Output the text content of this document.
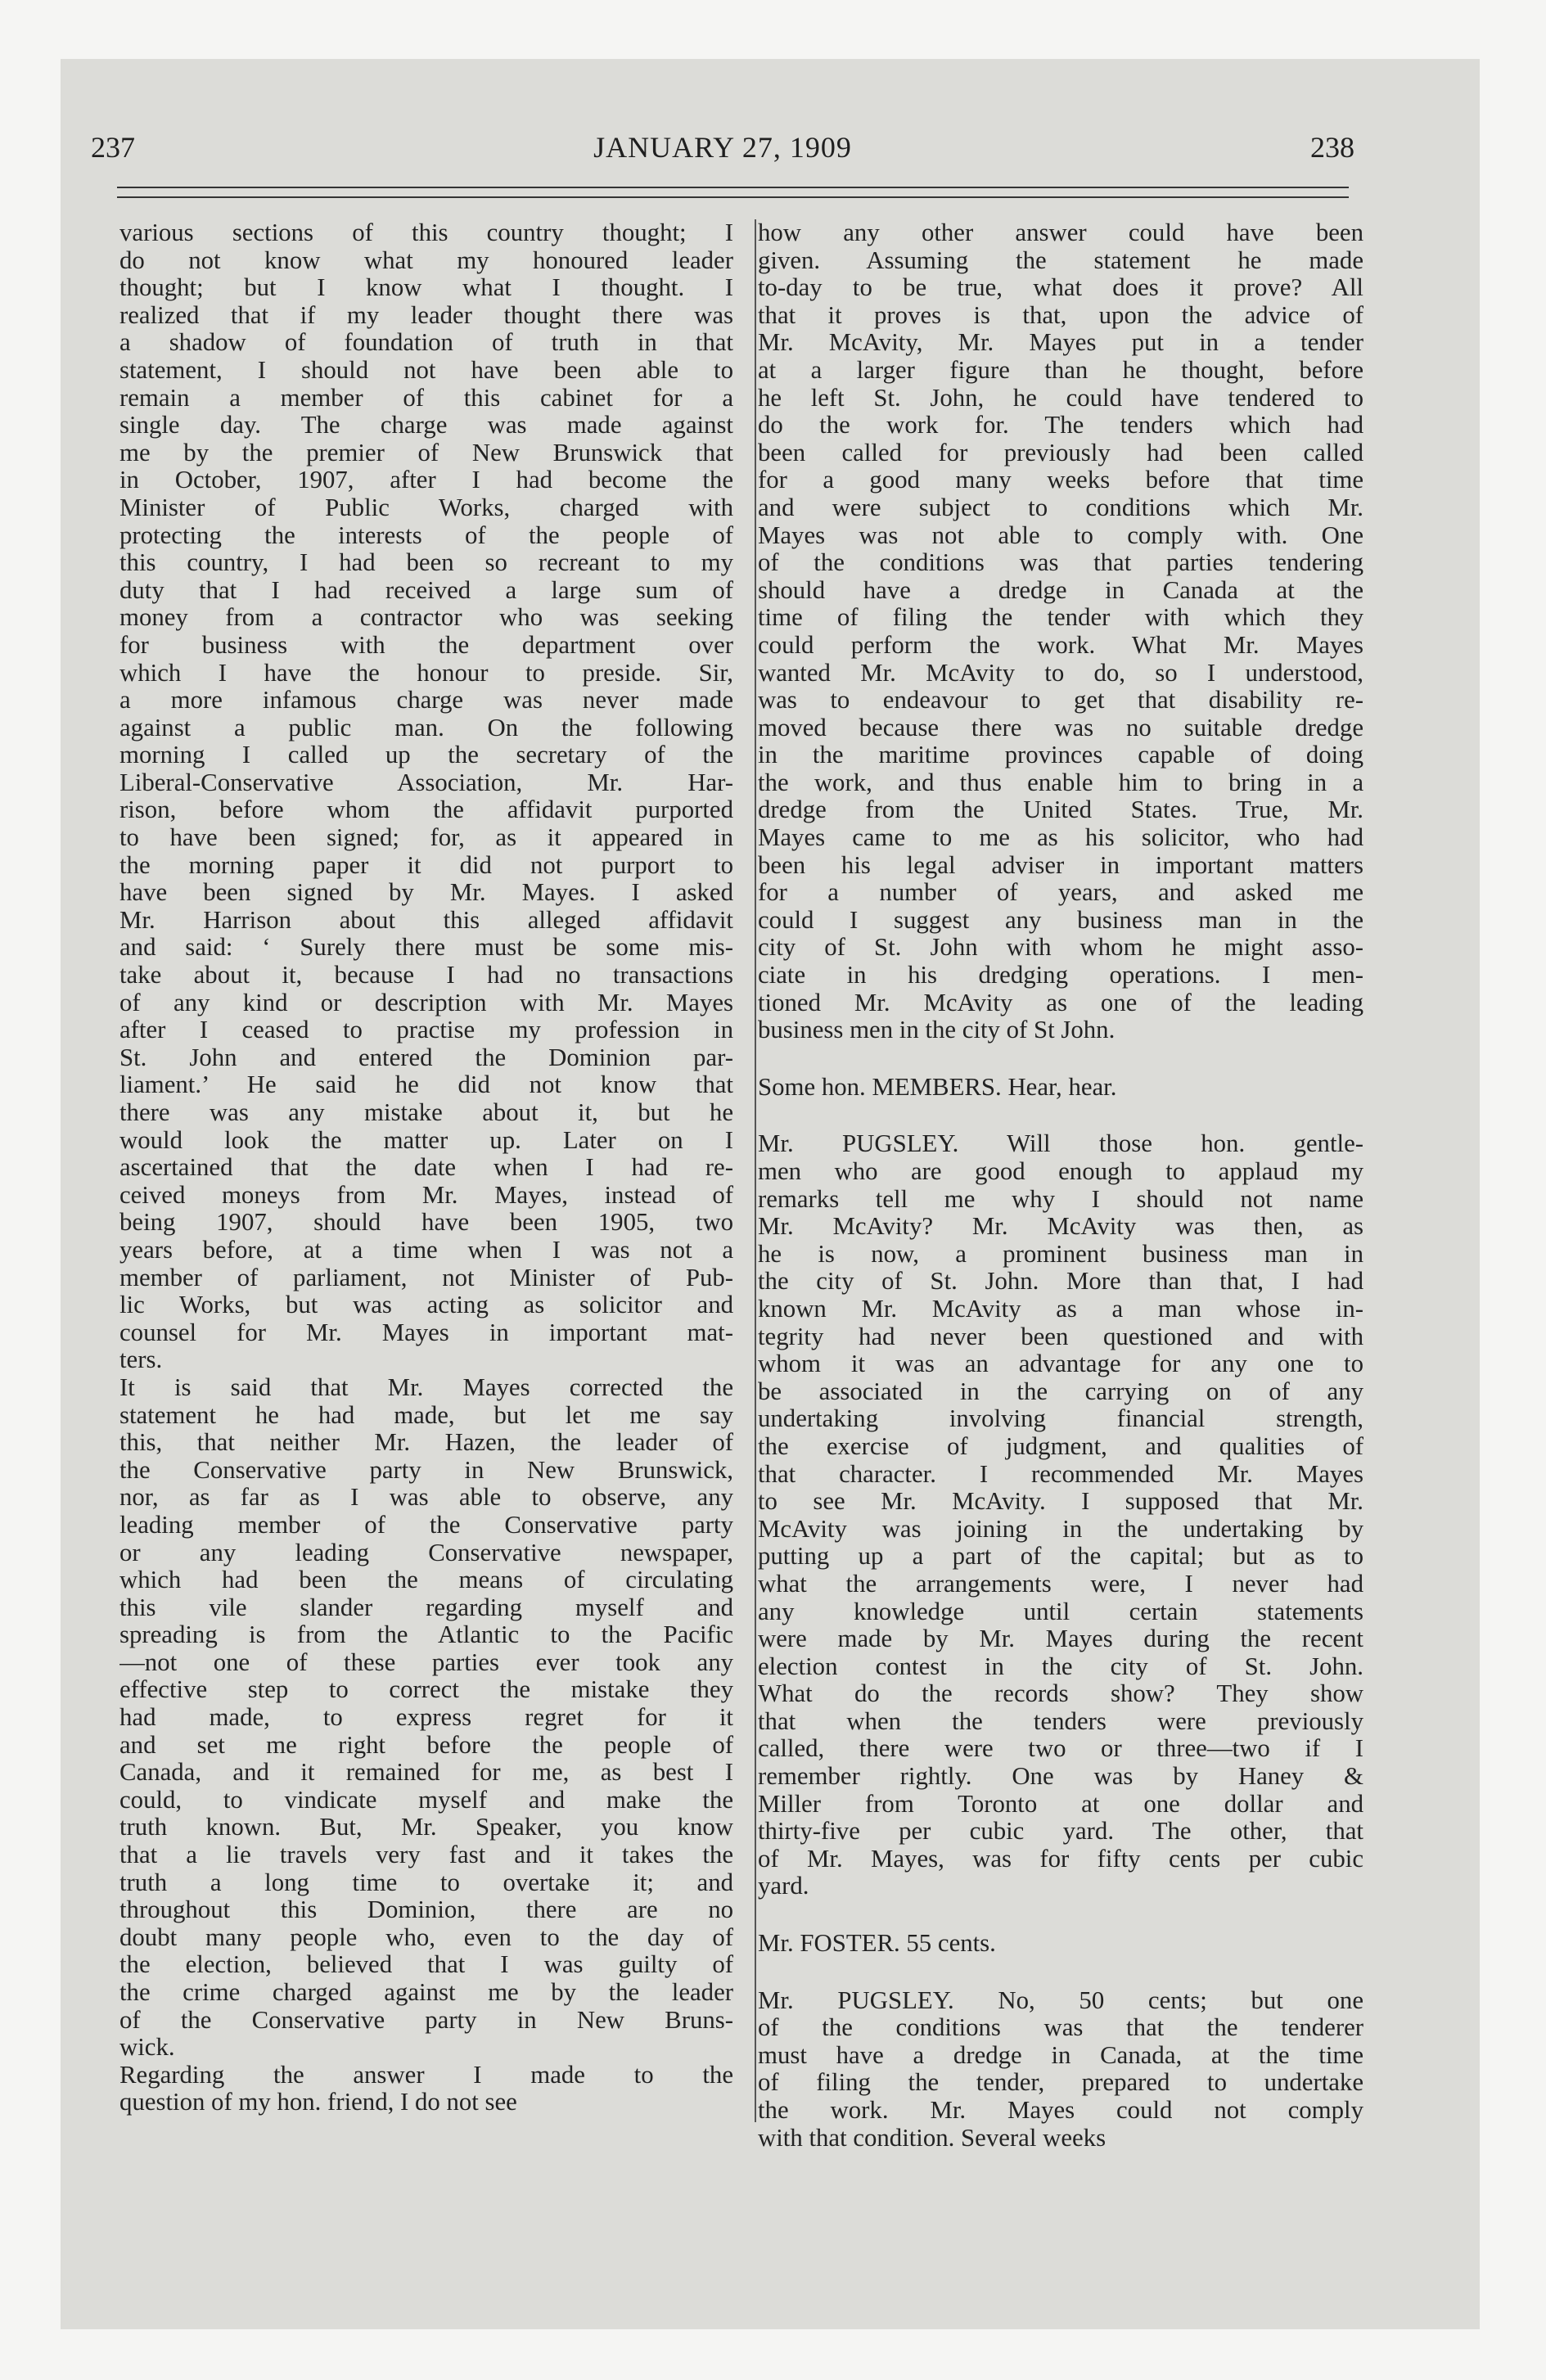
237	JANUARY 27, 1909	238
various sections of this country thought; I
do not know what my honoured leader
thought; but I know what I thought. I
realized that if my leader thought there was
a shadow of foundation of truth in that
statement, I should not have been able to
remain a member of this cabinet for a
single day. The charge was made against
me by the premier of New Brunswick that
in October, 1907, after I had become the
Minister of Public Works, charged with
protecting the interests of the people of
this country, I had been so recreant to my
duty that I had received a large sum of
money from a contractor who was seeking
for business with the department over
which I have the honour to preside. Sir,
a more infamous charge was never made
against a public man. On the following
morning I called up the secretary of the
Liberal-Conservative Association, Mr. Har-
rison, before whom the affidavit purported
to have been signed; for, as it appeared in
the morning paper it did not purport to
have been signed by Mr. Mayes. I asked
Mr. Harrison about this alleged affidavit
and said: ‘ Surely there must be some mis-
take about it, because I had no transactions
of any kind or description with Mr. Mayes
after I ceased to practise my profession in
St. John and entered the Dominion par-
liament.’ He said he did not know that
there was any mistake about it, but he
would look the matter up. Later on I
ascertained that the date when I had re-
ceived moneys from Mr. Mayes, instead of
being 1907, should have been 1905, two
years before, at a time when I was not a
member of parliament, not Minister of Pub-
lic Works, but was acting as solicitor and
counsel for Mr. Mayes in important mat-
ters.
It is said that Mr. Mayes corrected the
statement he had made, but let me say
this, that neither Mr. Hazen, the leader of
the Conservative party in New Brunswick,
nor, as far as I was able to observe, any
leading member of the Conservative party
or any leading Conservative newspaper,
which had been the means of circulating
this vile slander regarding myself and
spreading is from the Atlantic to the Pacific
—not one of these parties ever took any
effective step to correct the mistake they
had made, to express regret for it
and set me right before the people of
Canada, and it remained for me, as best I
could, to vindicate myself and make the
truth known. But, Mr. Speaker, you know
that a lie travels very fast and it takes the
truth a long time to overtake it; and
throughout this Dominion, there are no
doubt many people who, even to the day of
the election, believed that I was guilty of
the crime charged against me by the leader
of the Conservative party in New Bruns-
wick.
Regarding the answer I made to the
question of my hon. friend, I do not see
how any other answer could have been
given. Assuming the statement he made
to-day to be true, what does it prove? All
that it proves is that, upon the advice of
Mr. McAvity, Mr. Mayes put in a tender
at a larger figure than he thought, before
he left St. John, he could have tendered to
do the work for. The tenders which had
been called for previously had been called
for a good many weeks before that time
and were subject to conditions which Mr.
Mayes was not able to comply with. One
of the conditions was that parties tendering
should have a dredge in Canada at the
time of filing the tender with which they
could perform the work. What Mr. Mayes
wanted Mr. McAvity to do, so I understood,
was to endeavour to get that disability re-
moved because there was no suitable dredge
in the maritime provinces capable of doing
the work, and thus enable him to bring in a
dredge from the United States. True, Mr.
Mayes came to me as his solicitor, who had
been his legal adviser in important matters
for a number of years, and asked me
could I suggest any business man in the
city of St. John with whom he might asso-
ciate in his dredging operations. I men-
tioned Mr. McAvity as one of the leading
business men in the city of St John.
Some hon. MEMBERS. Hear, hear.
Mr. PUGSLEY. Will those hon. gentle-
men who are good enough to applaud my
remarks tell me why I should not name
Mr. McAvity? Mr. McAvity was then, as
he is now, a prominent business man in
the city of St. John. More than that, I had
known Mr. McAvity as a man whose in-
tegrity had never been questioned and with
whom it was an advantage for any one to
be associated in the carrying on of any
undertaking involving financial strength,
the exercise of judgment, and qualities of
that character. I recommended Mr. Mayes
to see Mr. McAvity. I supposed that Mr.
McAvity was joining in the undertaking by
putting up a part of the capital; but as to
what the arrangements were, I never had
any knowledge until certain statements
were made by Mr. Mayes during the recent
election contest in the city of St. John.
What do the records show? They show
that when the tenders were previously
called, there were two or three—two if I
remember rightly. One was by Haney &
Miller from Toronto at one dollar and
thirty-five per cubic yard. The other, that
of Mr. Mayes, was for fifty cents per cubic
yard.
Mr. FOSTER. 55 cents.
Mr. PUGSLEY. No, 50 cents; but one
of the conditions was that the tenderer
must have a dredge in Canada, at the time
of filing the tender, prepared to undertake
the work. Mr. Mayes could not comply
with that condition. Several weeks
